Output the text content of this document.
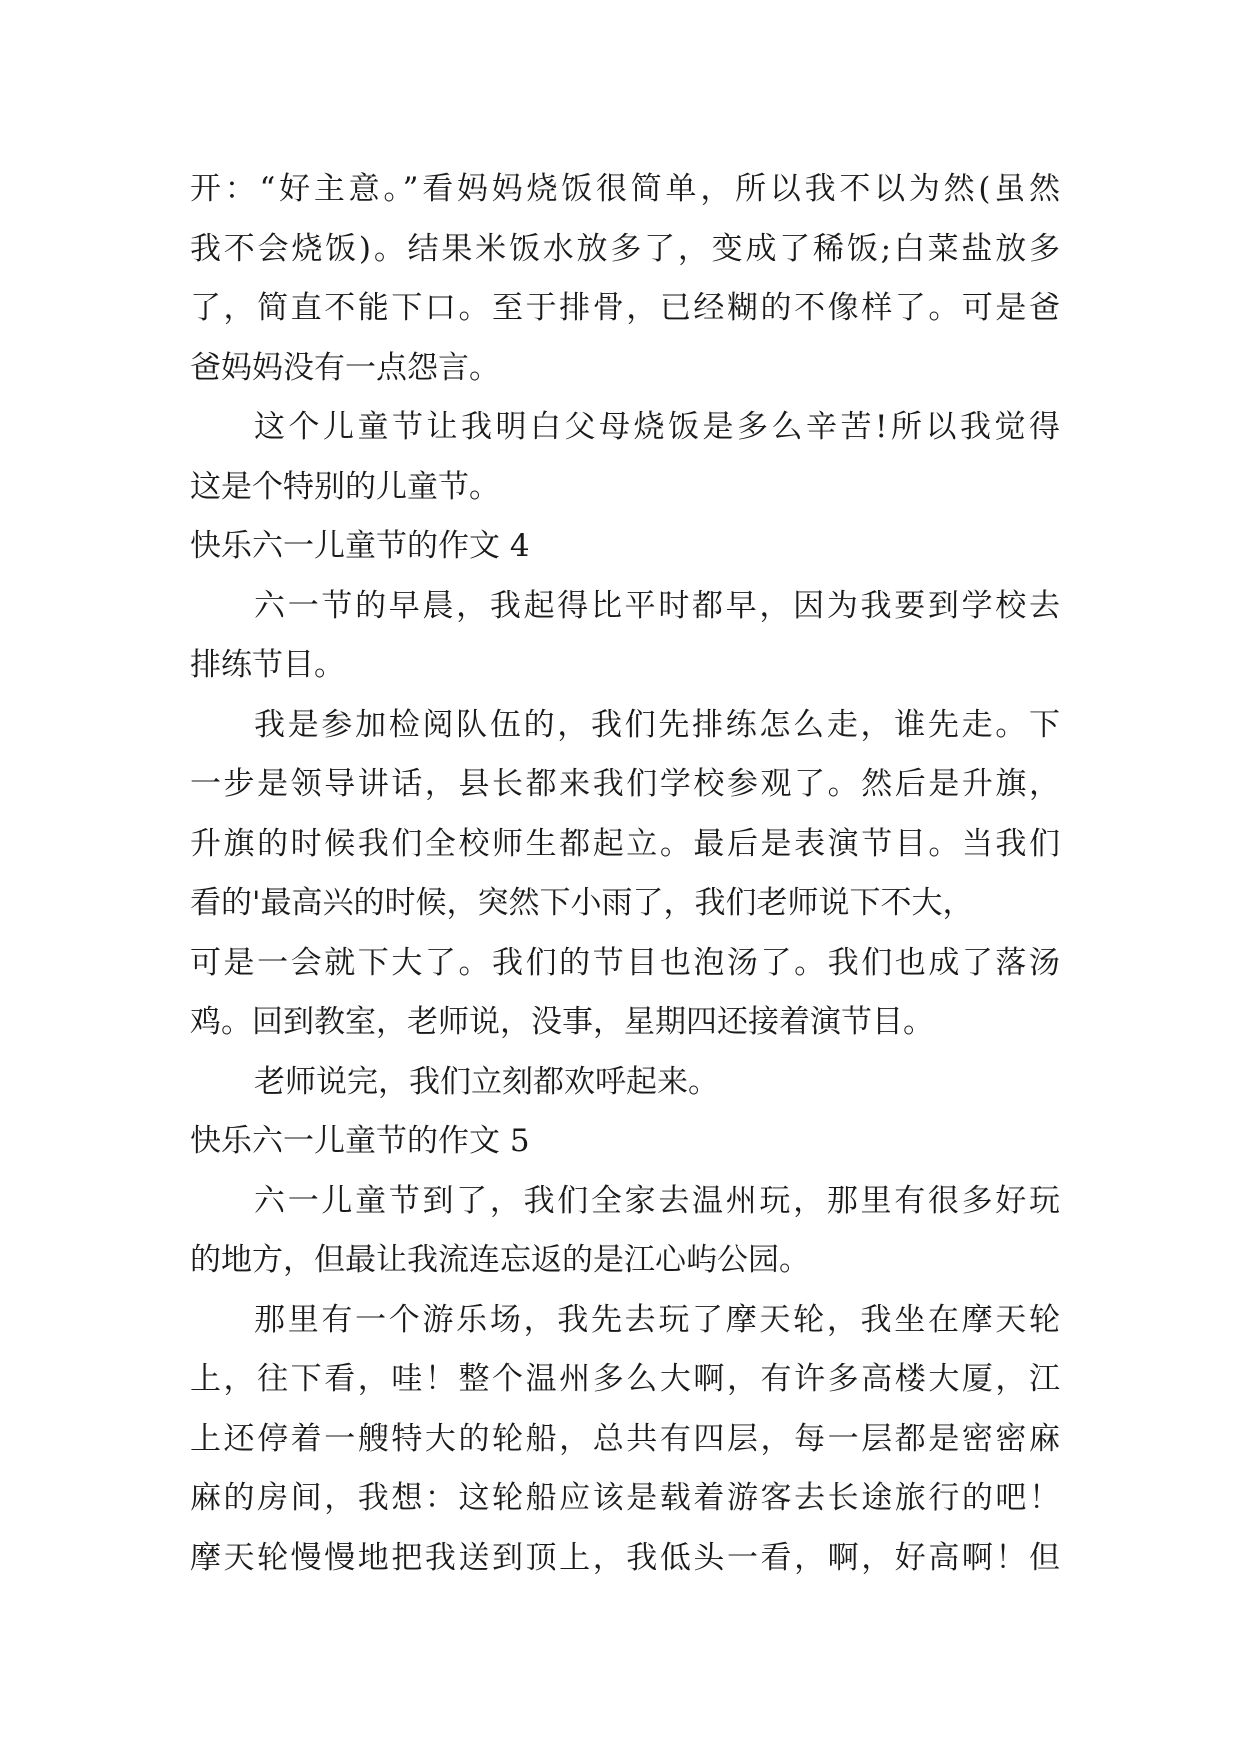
开：“好主意。”看妈妈烧饭很简单，所以我不以为然(虽然
我不会烧饭)。结果米饭水放多了，变成了稀饭;白菜盐放多
了，简直不能下口。至于排骨，已经糊的不像样了。可是爸
爸妈妈没有一点怨言。
这个儿童节让我明白父母烧饭是多么辛苦!所以我觉得
这是个特别的儿童节。
快乐六一儿童节的作文 4
六一节的早晨，我起得比平时都早，因为我要到学校去
排练节目。
我是参加检阅队伍的，我们先排练怎么走，谁先走。下
一步是领导讲话，县长都来我们学校参观了。然后是升旗，
升旗的时候我们全校师生都起立。最后是表演节目。当我们
看的'最高兴的时候，突然下小雨了，我们老师说下不大，
可是一会就下大了。我们的节目也泡汤了。我们也成了落汤
鸡。回到教室，老师说，没事，星期四还接着演节目。
老师说完，我们立刻都欢呼起来。
快乐六一儿童节的作文 5
六一儿童节到了，我们全家去温州玩，那里有很多好玩
的地方，但最让我流连忘返的是江心屿公园。
那里有一个游乐场，我先去玩了摩天轮，我坐在摩天轮
上，往下看，哇！整个温州多么大啊，有许多高楼大厦，江
上还停着一艘特大的轮船，总共有四层，每一层都是密密麻
麻的房间，我想：这轮船应该是载着游客去长途旅行的吧！
摩天轮慢慢地把我送到顶上，我低头一看，啊，好高啊！但
